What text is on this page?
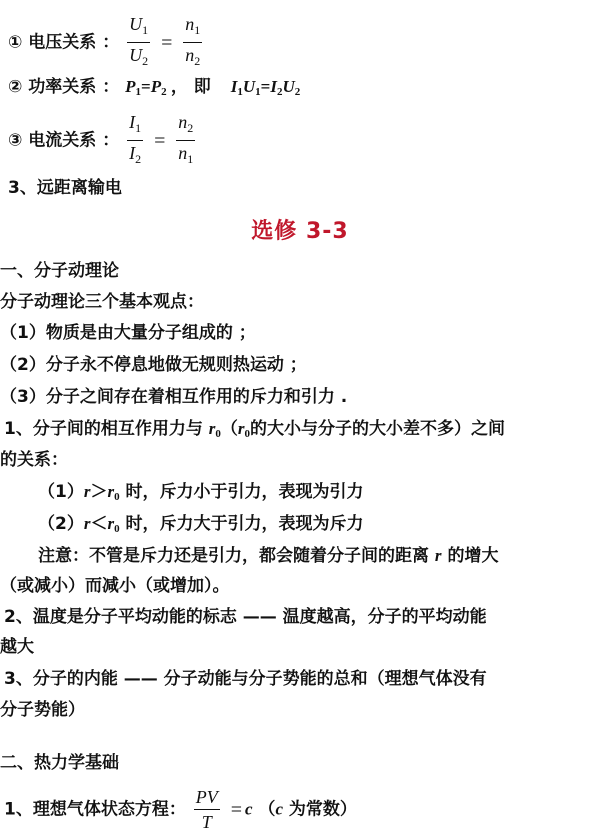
① 电压关系 ： $\frac{U_1}{U_2} = \frac{n_1}{n_2}$
② 功率关系 ： $P_1=P_2$ ， 即 $I_1U_1=I_2U_2$
③ 电流关系 ： $\frac{I_1}{I_2} = \frac{n_2}{n_1}$
3、远距离输电
选修 3-3
一、分子动理论
分子动理论三个基本观点：
（1）物质是由大量分子组成的 ；
（2）分子永不停息地做无规则热运动 ；
（3）分子之间存在着相互作用的斥力和引力 .
1、分子间的相互作用力与 $r_0(r_0$的大小与分子的大小差不多）之间
的关系：
$(1)r>r_0$ 时，斥力小于引力，表现为引力
$(2)r<r_0$ 时，斥力大于引力，表现为斥力
注意：不管是斥力还是引力，都会随着分子间的距离 r 的增大
（或减小）而减小（或增加）。
2、温度是分子平均动能的标志 —— 温度越高，分子的平均动能
越大
3、分子的内能 —— 分子动能与分子势能的总和（理想气体没有
分子势能）
二、热力学基础
1、理想气体状态方程： $\frac{PV}{T} = c$ （c 为常数）
